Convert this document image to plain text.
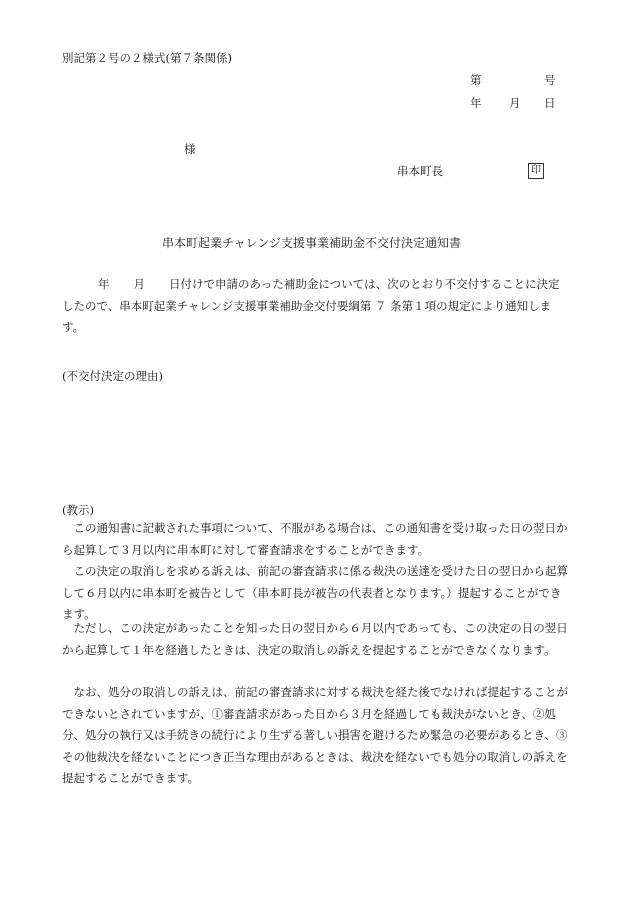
別記第２号の２様式(第７条関係)
第	号
年 月 日
様
串本町長	印
串本町起業チャレンジ支援事業補助金不交付決定通知書
年 月 日付けで申請のあった補助金については、次のとおり不交付することに決定したので、串本町起業チャレンジ支援事業補助金交付要綱第 ７ 条第１項の規定により通知します。
(不交付決定の理由)
(教示)
この通知書に記載された事項について、不服がある場合は、この通知書を受け取った日の翌日から起算して３月以内に串本町に対して審査請求をすることができます。
この決定の取消しを求める訴えは、前記の審査請求に係る裁決の送達を受けた日の翌日から起算して６月以内に串本町を被告として（串本町長が被告の代表者となります。）提起することができます。
ただし、この決定があったことを知った日の翌日から６月以内であっても、この決定の日の翌日から起算して１年を経過したときは、決定の取消しの訴えを提起することができなくなります。
なお、処分の取消しの訴えは、前記の審査請求に対する裁決を経た後でなければ提起することができないとされていますが、①審査請求があった日から３月を経過しても裁決がないとき、②処分、処分の執行又は手続きの続行により生ずる著しい損害を避けるため緊急の必要があるとき、③その他裁決を経ないことにつき正当な理由があるときは、裁決を経ないでも処分の取消しの訴えを提起することができます。
